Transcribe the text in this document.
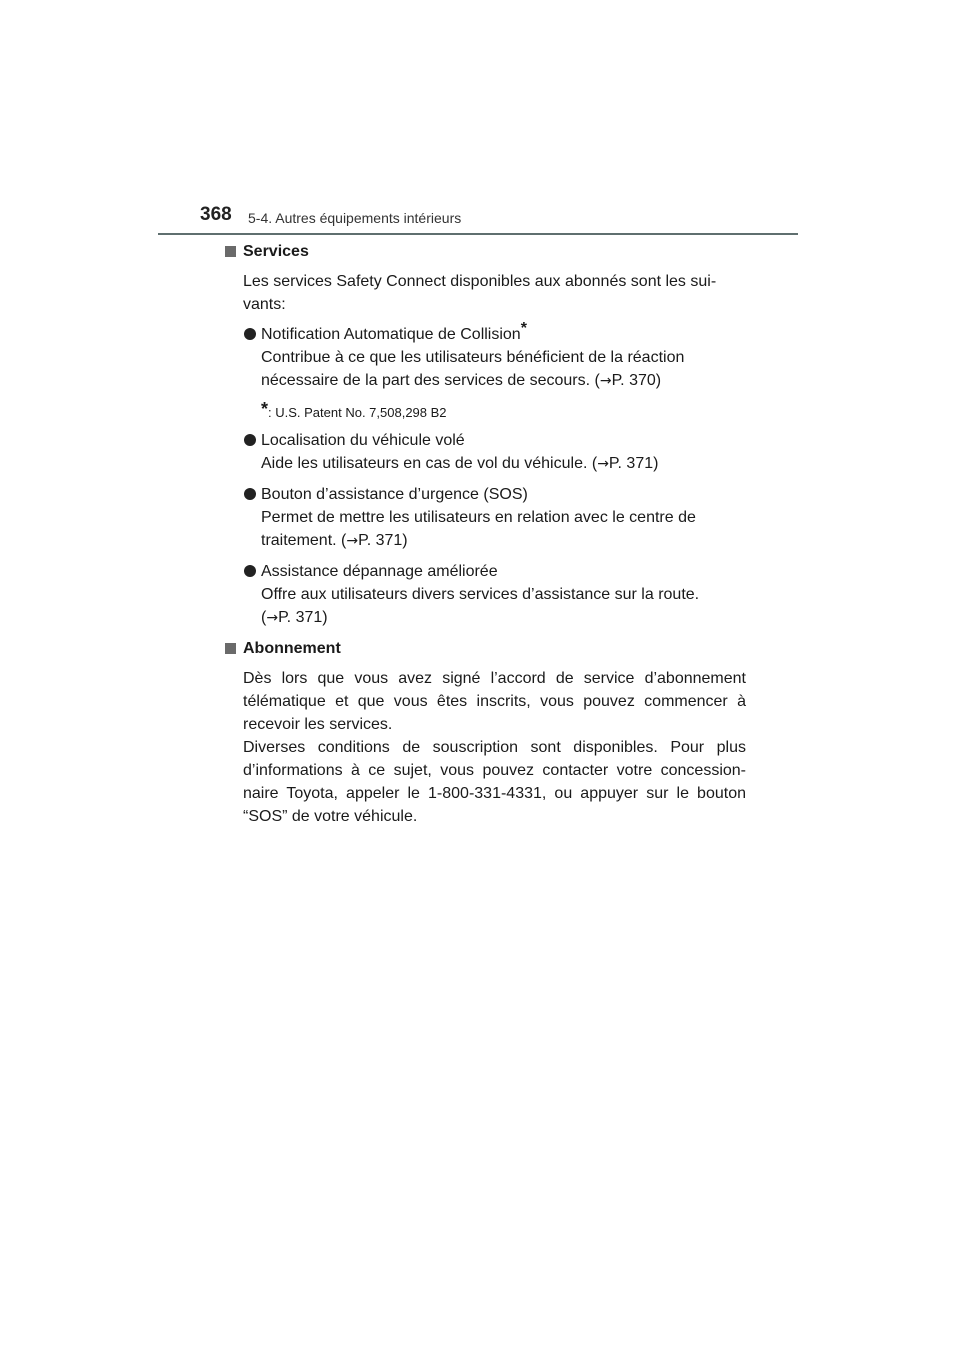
368 5-4. Autres équipements intérieurs
Services
Les services Safety Connect disponibles aux abonnés sont les sui-
vants:
Notification Automatique de Collision*
Contribue à ce que les utilisateurs bénéficient de la réaction
nécessaire de la part des services de secours. (→P. 370)
*: U.S. Patent No. 7,508,298 B2
Localisation du véhicule volé
Aide les utilisateurs en cas de vol du véhicule. (→P. 371)
Bouton d’assistance d’urgence (SOS)
Permet de mettre les utilisateurs en relation avec le centre de
traitement. (→P. 371)
Assistance dépannage améliorée
Offre aux utilisateurs divers services d’assistance sur la route.
(→P. 371)
Abonnement
Dès lors que vous avez signé l’accord de service d’abonnement télématique et que vous êtes inscrits, vous pouvez commencer à recevoir les services.
Diverses conditions de souscription sont disponibles. Pour plus d’informations à ce sujet, vous pouvez contacter votre concession-naire Toyota, appeler le 1-800-331-4331, ou appuyer sur le bouton “SOS” de votre véhicule.
